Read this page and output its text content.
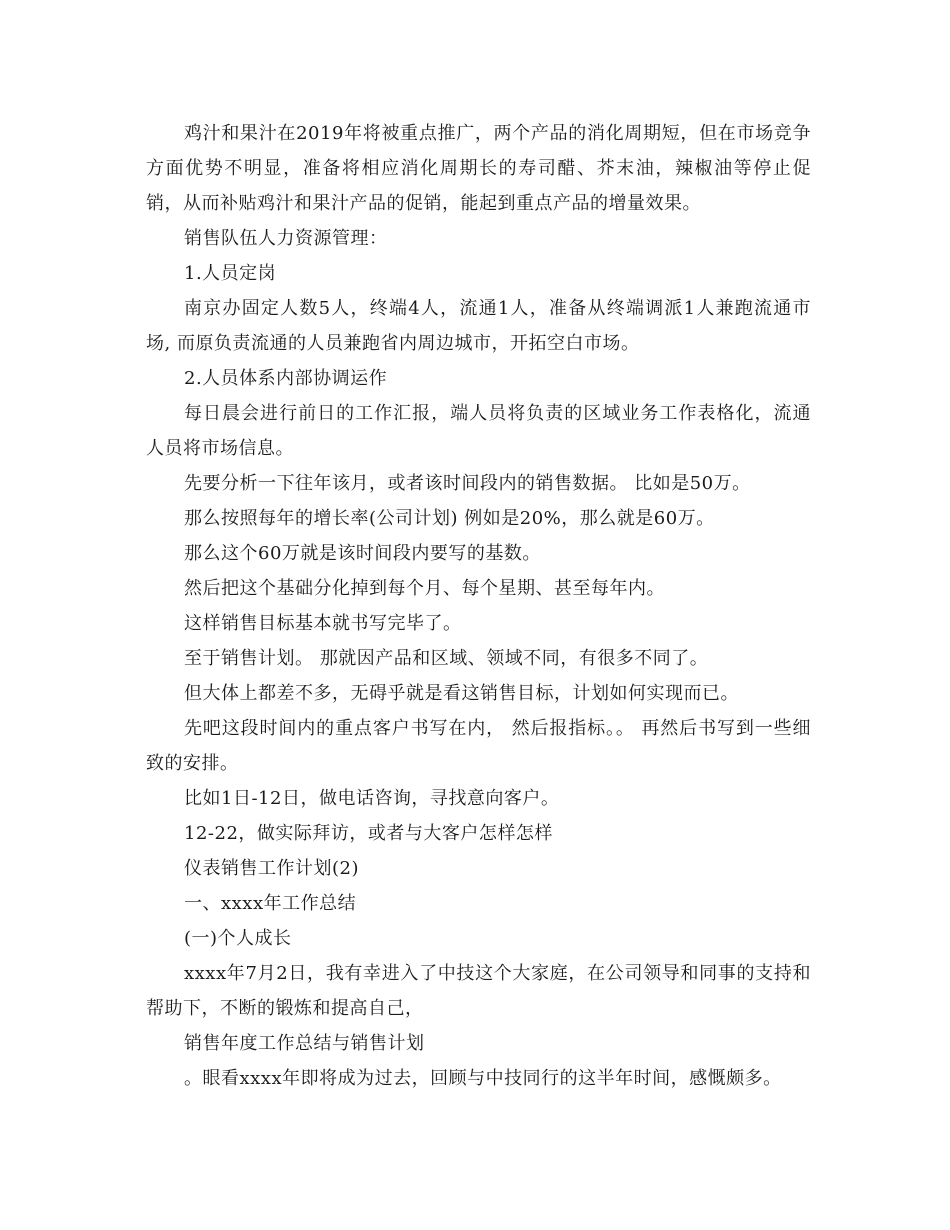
鸡汁和果汁在2019年将被重点推广，两个产品的消化周期短，但在市场竞争方面优势不明显，准备将相应消化周期长的寿司醋、芥末油，辣椒油等停止促销，从而补贴鸡汁和果汁产品的促销，能起到重点产品的增量效果。

销售队伍人力资源管理：

1.人员定岗

南京办固定人数5人，终端4人，流通1人，准备从终端调派1人兼跑流通市场, 而原负责流通的人员兼跑省内周边城市，开拓空白市场。

2.人员体系内部协调运作

每日晨会进行前日的工作汇报，端人员将负责的区域业务工作表格化，流通人员将市场信息。

先要分析一下往年该月，或者该时间段内的销售数据。 比如是50万。

那么按照每年的增长率(公司计划) 例如是20%，那么就是60万。

那么这个60万就是该时间段内要写的基数。

然后把这个基础分化掉到每个月、每个星期、甚至每年内。

这样销售目标基本就书写完毕了。

至于销售计划。 那就因产品和区域、领域不同，有很多不同了。

但大体上都差不多，无碍乎就是看这销售目标，计划如何实现而已。

先吧这段时间内的重点客户书写在内， 然后报指标。。 再然后书写到一些细致的安排。

比如1日-12日，做电话咨询，寻找意向客户。

12-22，做实际拜访，或者与大客户怎样怎样

仪表销售工作计划(2)

一、xxxx年工作总结

(一)个人成长

xxxx年7月2日，我有幸进入了中技这个大家庭，在公司领导和同事的支持和帮助下，不断的锻炼和提高自己，

销售年度工作总结与销售计划

。眼看xxxx年即将成为过去，回顾与中技同行的这半年时间，感慨颇多。
